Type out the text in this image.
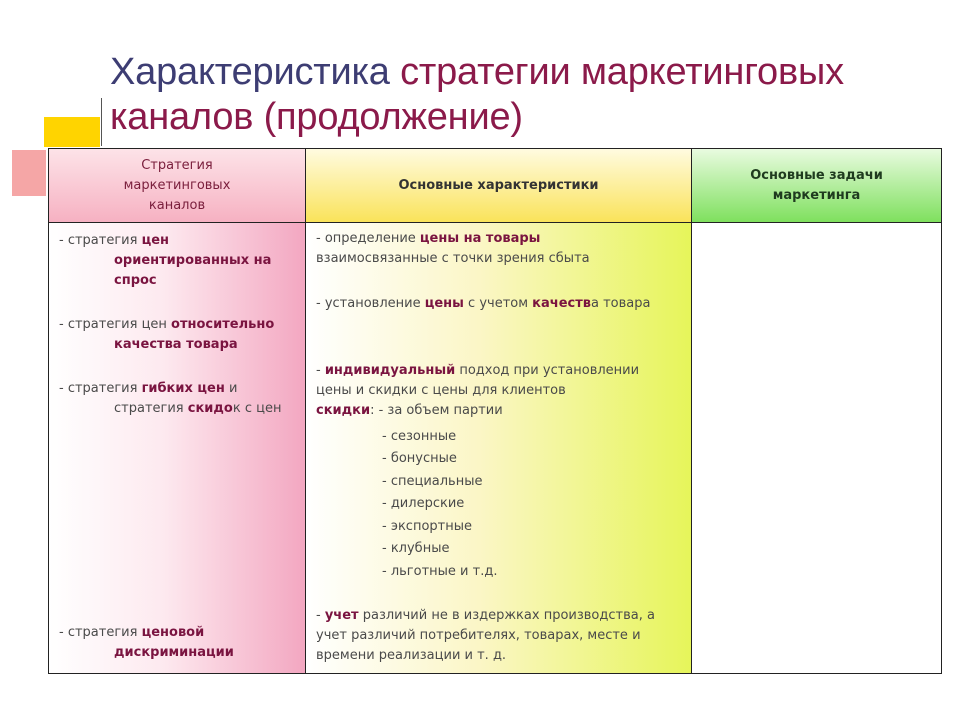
Характеристика стратегии маркетинговых
каналов (продолжение)
Стратегия
маркетинговых
каналов
- стратегия цен
ориентированных на
спрос
- стратегия цен относительно
качества товара
- стратегия гибких цен и
стратегия скидок с цен
- стратегия ценовой
дискриминации
Основные характеристики
- определение цены на товары
взаимосвязанные с точки зрения сбыта
- установление цены с учетом качества товара
- индивидуальный подход при установлении
цены и скидки с цены для клиентов
скидки: - за объем партии
- сезонные
- бонусные
- специальные
- дилерские
- экспортные
- клубные
- льготные и т.д.
- учет различий не в издержках производства, а
учет различий потребителях, товарах, месте и
времени реализации и т. д.
Основные задачи
маркетинга
